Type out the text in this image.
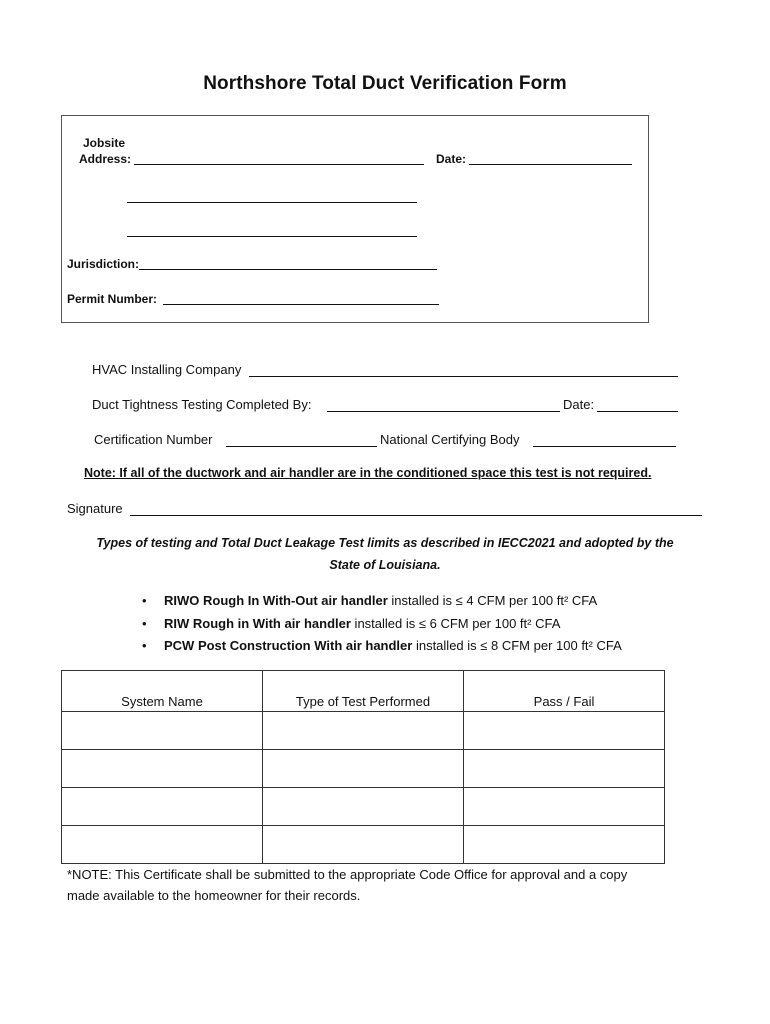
Northshore Total Duct Verification Form
Jobsite
Address:	Date:
Jurisdiction:
Permit Number:
HVAC Installing Company
Duct Tightness Testing Completed By:	Date:
Certification Number	National Certifying Body
Note: If all of the ductwork and air handler are in the conditioned space this test is not required.
Signature
Types of testing and Total Duct Leakage Test limits as described in IECC2021 and adopted by the
State of Louisiana.
• RIWO Rough In With-Out air handler installed is ≤ 4 CFM per 100 ft² CFA
• RIW Rough in With air handler installed is ≤ 6 CFM per 100 ft² CFA
• PCW Post Construction With air handler installed is ≤ 8 CFM per 100 ft² CFA
System Name	Type of Test Performed	Pass / Fail

*NOTE: This Certificate shall be submitted to the appropriate Code Office for approval and a copy
made available to the homeowner for their records.
